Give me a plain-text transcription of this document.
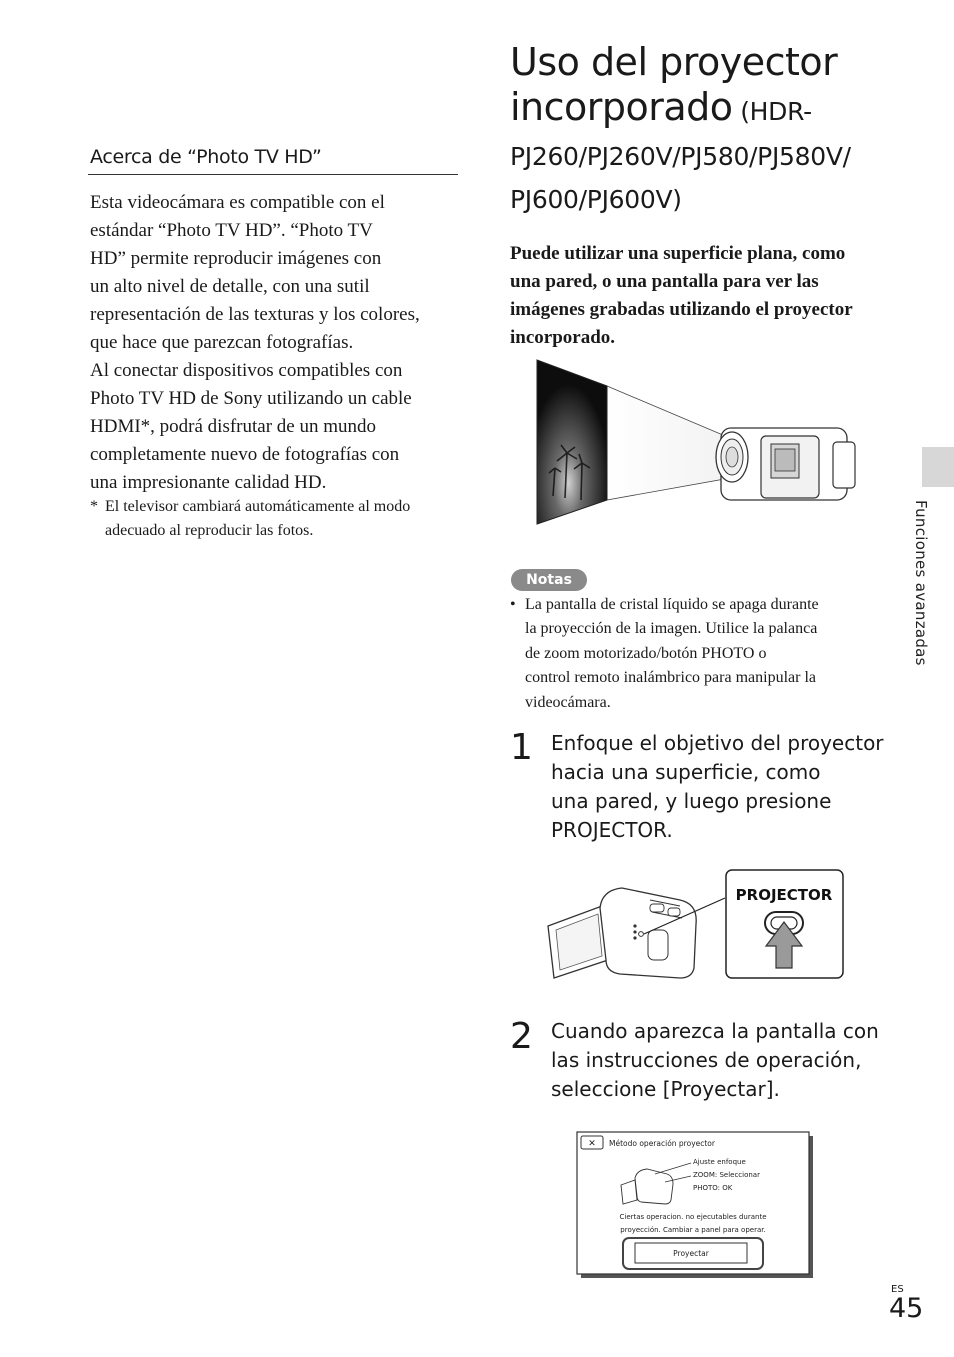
Acerca de “Photo TV HD”

Esta videocámara es compatible con el

estándar “Photo TV HD”. “Photo TV

HD” permite reproducir imágenes con

un alto nivel de detalle, con una sutil

representación de las texturas y los colores,

que hace que parezcan fotografías.

Al conectar dispositivos compatibles con

Photo TV HD de Sony utilizando un cable

HDMI*, podrá disfrutar de un mundo

completamente nuevo de fotografías con

una impresionante calidad HD.

* El televisor cambiará automáticamente al modo
adecuado al reproducir las fotos.
Uso del proyector
incorporado (HDR-
PJ260/PJ260V/PJ580/PJ580V/
PJ600/PJ600V)
Puede utilizar una superficie plana, como
una pared, o una pantalla para ver las
imágenes grabadas utilizando el proyector
incorporado.
Notas
• La pantalla de cristal líquido se apaga durante
la proyección de la imagen. Utilice la palanca
de zoom motorizado/botón PHOTO o
control remoto inalámbrico para manipular la
videocámara.
1 Enfoque el objetivo del proyector
hacia una superficie, como
una pared, y luego presione
PROJECTOR.
PROJECTOR
2 Cuando aparezca la pantalla con
las instrucciones de operación,
seleccione [Proyectar].
✕ Método operación proyector
Ajuste enfoque
ZOOM: Seleccionar
PHOTO: OK
Ciertas operacion. no ejecutables durante
proyección. Cambiar a panel para operar.
Proyectar
Funciones avanzadas
ES
45
